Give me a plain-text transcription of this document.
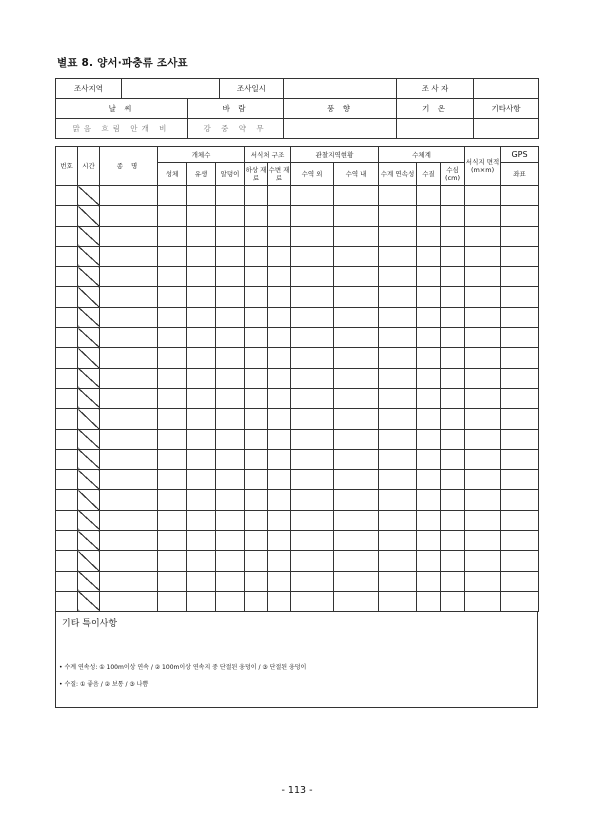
별표 8. 양서·파충류 조사표
조사지역			조사일시		조 사 자	
날 씨		바 람		풍 향	기 온	기타사항
맑음 흐림 안개 비		강 중 약 무				
번호	시간	종 명	개체수			서식처 구조		관찰지역현황		수체계			서식지 면적 (m×m)	GPS
			성체	유생	알덩이	하상 재료	수변 재료	수역 외	수역 내	수계 연속성	수질	수심 (cm)		좌표

기타 특이사항
• 수계 연속성: ① 100m이상 연속 / ② 100m이상 연속지 중 단절된 웅덩이 / ③ 단절된 웅덩이
• 수질: ① 좋음 / ② 보통 / ③ 나쁨
- 113 -
